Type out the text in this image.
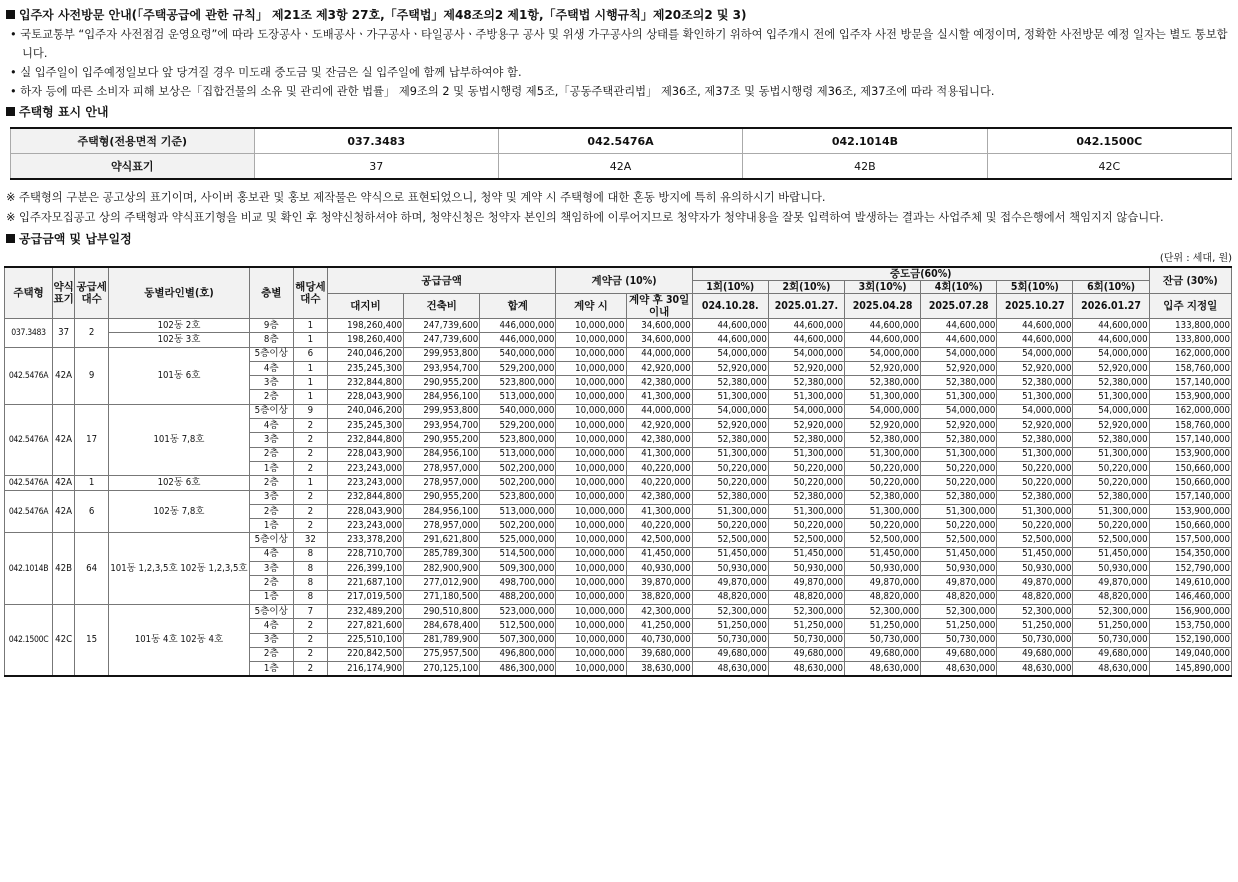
입주자 사전방문 안내(「주택공급에 관한 규칙」 제21조 제3항 27호,「주택법」제48조의2 제1항,「주택법 시행규칙」제20조의2 및 3)
• 국토교통부 “입주자 사전점검 운영요령”에 따라 도장공사ㆍ도배공사ㆍ가구공사ㆍ타일공사ㆍ주방용구 공사 및 위생 가구공사의 상태를 확인하기 위하여 입주개시 전에 입주자 사전 방문을 실시할 예정이며, 정확한 사전방문 예정 일자는 별도 통보합니다.
• 실 입주일이 입주예정일보다 앞 당겨질 경우 미도래 중도금 및 잔금은 실 입주일에 함께 납부하여야 함.
• 하자 등에 따른 소비자 피해 보상은「집합건물의 소유 및 관리에 관한 법률」 제9조의 2 및 동법시행령 제5조,「공동주택관리법」 제36조, 제37조 및 동법시행령 제36조, 제37조에 따라 적용됩니다.
주택형 표시 안내
주택형(전용면적 기준)	037.3483	042.5476A	042.1014B	042.1500C
약식표기	37	42A	42B	42C
※ 주택형의 구분은 공고상의 표기이며, 사이버 홍보관 및 홍보 제작물은 약식으로 표현되었으니, 청약 및 계약 시 주택형에 대한 혼동 방지에 특히 유의하시기 바랍니다.
※ 입주자모집공고 상의 주택형과 약식표기형을 비교 및 확인 후 청약신청하셔야 하며, 청약신청은 청약자 본인의 책임하에 이루어지므로 청약자가 청약내용을 잘못 입력하여 발생하는 결과는 사업주체 및 접수은행에서 책임지지 않습니다.
공급금액 및 납부일정
(단위 : 세대, 원)
주택형	약식표기	공급세대수	동별라인별(호)	층별	해당세대수	공급금액			계약금 (10%)		중도금(60%)						잔금 (30%)
											1회(10%)	2회(10%)	3회(10%)	4회(10%)	5회(10%)	6회(10%)	
						대지비	건축비	합계	계약 시	계약 후 30일 이내	024.10.28.	2025.01.27.	2025.04.28	2025.07.28	2025.10.27	2026.01.27	입주 지정일
037.3483	37	2	102동 2호	9층	1	198,260,400	247,739,600	446,000,000	10,000,000	34,600,000	44,600,000	44,600,000	44,600,000	44,600,000	44,600,000	44,600,000	133,800,000
			102동 3호	8층	1	198,260,400	247,739,600	446,000,000	10,000,000	34,600,000	44,600,000	44,600,000	44,600,000	44,600,000	44,600,000	44,600,000	133,800,000
042.5476A	42A	9	101동 6호	5층이상	6	240,046,200	299,953,800	540,000,000	10,000,000	44,000,000	54,000,000	54,000,000	54,000,000	54,000,000	54,000,000	54,000,000	162,000,000
				4층	1	235,245,300	293,954,700	529,200,000	10,000,000	42,920,000	52,920,000	52,920,000	52,920,000	52,920,000	52,920,000	52,920,000	158,760,000
				3층	1	232,844,800	290,955,200	523,800,000	10,000,000	42,380,000	52,380,000	52,380,000	52,380,000	52,380,000	52,380,000	52,380,000	157,140,000
				2층	1	228,043,900	284,956,100	513,000,000	10,000,000	41,300,000	51,300,000	51,300,000	51,300,000	51,300,000	51,300,000	51,300,000	153,900,000
042.5476A	42A	17	101동 7,8호	5층이상	9	240,046,200	299,953,800	540,000,000	10,000,000	44,000,000	54,000,000	54,000,000	54,000,000	54,000,000	54,000,000	54,000,000	162,000,000
				4층	2	235,245,300	293,954,700	529,200,000	10,000,000	42,920,000	52,920,000	52,920,000	52,920,000	52,920,000	52,920,000	52,920,000	158,760,000
				3층	2	232,844,800	290,955,200	523,800,000	10,000,000	42,380,000	52,380,000	52,380,000	52,380,000	52,380,000	52,380,000	52,380,000	157,140,000
				2층	2	228,043,900	284,956,100	513,000,000	10,000,000	41,300,000	51,300,000	51,300,000	51,300,000	51,300,000	51,300,000	51,300,000	153,900,000
				1층	2	223,243,000	278,957,000	502,200,000	10,000,000	40,220,000	50,220,000	50,220,000	50,220,000	50,220,000	50,220,000	50,220,000	150,660,000
042.5476A	42A	1	102동 6호	2층	1	223,243,000	278,957,000	502,200,000	10,000,000	40,220,000	50,220,000	50,220,000	50,220,000	50,220,000	50,220,000	50,220,000	150,660,000
042.5476A	42A	6	102동 7,8호	3층	2	232,844,800	290,955,200	523,800,000	10,000,000	42,380,000	52,380,000	52,380,000	52,380,000	52,380,000	52,380,000	52,380,000	157,140,000
				2층	2	228,043,900	284,956,100	513,000,000	10,000,000	41,300,000	51,300,000	51,300,000	51,300,000	51,300,000	51,300,000	51,300,000	153,900,000
				1층	2	223,243,000	278,957,000	502,200,000	10,000,000	40,220,000	50,220,000	50,220,000	50,220,000	50,220,000	50,220,000	50,220,000	150,660,000
042.1014B	42B	64	101동 1,2,3,5호 102동 1,2,3,5호	5층이상	32	233,378,200	291,621,800	525,000,000	10,000,000	42,500,000	52,500,000	52,500,000	52,500,000	52,500,000	52,500,000	52,500,000	157,500,000
				4층	8	228,710,700	285,789,300	514,500,000	10,000,000	41,450,000	51,450,000	51,450,000	51,450,000	51,450,000	51,450,000	51,450,000	154,350,000
				3층	8	226,399,100	282,900,900	509,300,000	10,000,000	40,930,000	50,930,000	50,930,000	50,930,000	50,930,000	50,930,000	50,930,000	152,790,000
				2층	8	221,687,100	277,012,900	498,700,000	10,000,000	39,870,000	49,870,000	49,870,000	49,870,000	49,870,000	49,870,000	49,870,000	149,610,000
				1층	8	217,019,500	271,180,500	488,200,000	10,000,000	38,820,000	48,820,000	48,820,000	48,820,000	48,820,000	48,820,000	48,820,000	146,460,000
042.1500C	42C	15	101동 4호 102동 4호	5층이상	7	232,489,200	290,510,800	523,000,000	10,000,000	42,300,000	52,300,000	52,300,000	52,300,000	52,300,000	52,300,000	52,300,000	156,900,000
				4층	2	227,821,600	284,678,400	512,500,000	10,000,000	41,250,000	51,250,000	51,250,000	51,250,000	51,250,000	51,250,000	51,250,000	153,750,000
				3층	2	225,510,100	281,789,900	507,300,000	10,000,000	40,730,000	50,730,000	50,730,000	50,730,000	50,730,000	50,730,000	50,730,000	152,190,000
				2층	2	220,842,500	275,957,500	496,800,000	10,000,000	39,680,000	49,680,000	49,680,000	49,680,000	49,680,000	49,680,000	49,680,000	149,040,000
				1층	2	216,174,900	270,125,100	486,300,000	10,000,000	38,630,000	48,630,000	48,630,000	48,630,000	48,630,000	48,630,000	48,630,000	145,890,000
